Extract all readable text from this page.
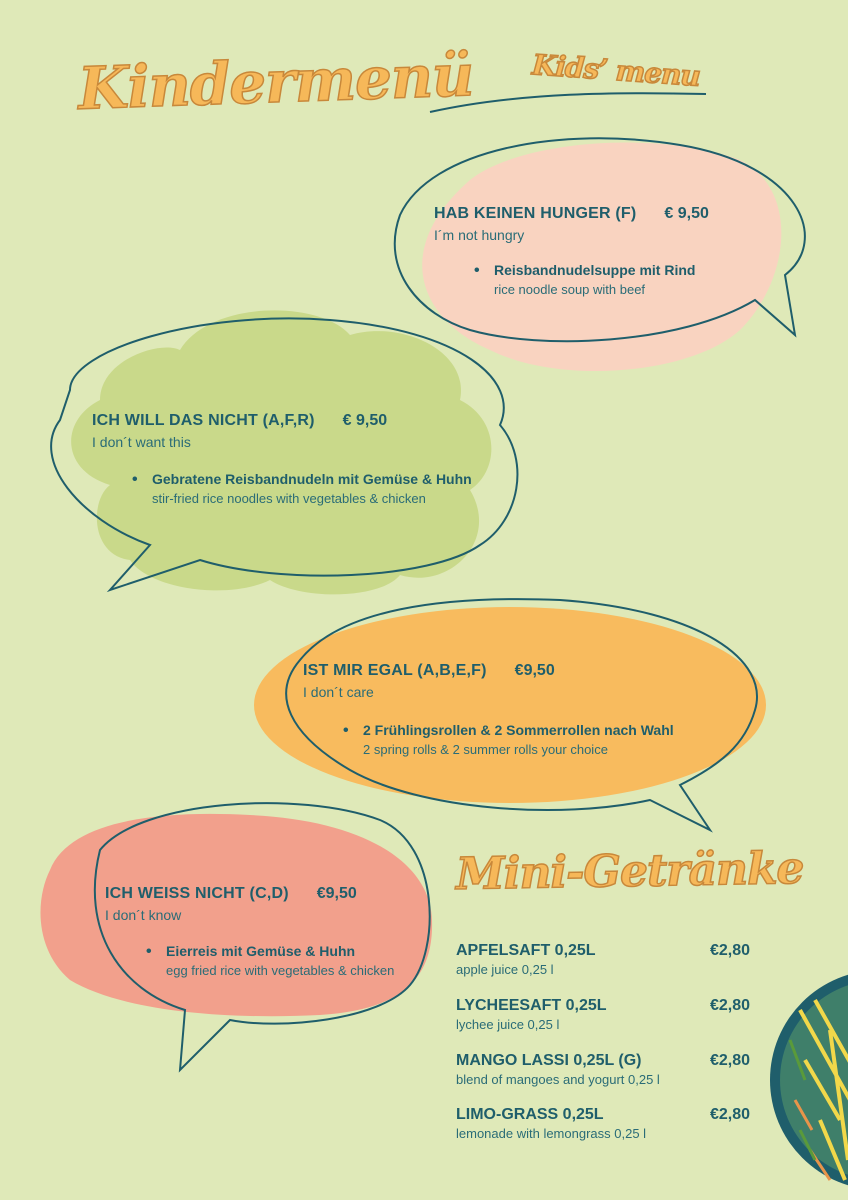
Kindermenü Kids’ menu
HAB KEINEN HUNGER (F) € 9,50
I´m not hungry
• Reisbandnudelsuppe mit Rind
rice noodle soup with beef
ICH WILL DAS NICHT (A,F,R) € 9,50
I don´t want this
• Gebratene Reisbandnudeln mit Gemüse & Huhn
stir-fried rice noodles with vegetables & chicken
IST MIR EGAL (A,B,E,F) €9,50
I don´t care
• 2 Frühlingsrollen & 2 Sommerrollen nach Wahl
2 spring rolls & 2 summer rolls your choice
ICH WEISS NICHT (C,D) €9,50
I don´t know
• Eierreis mit Gemüse & Huhn
egg fried rice with vegetables & chicken
Mini-Getränke
APFELSAFT 0,25L	€2,80
apple juice 0,25 l
LYCHEESAFT 0,25L	€2,80
lychee juice 0,25 l
MANGO LASSI 0,25L (G)	€2,80
blend of mangoes and yogurt 0,25 l
LIMO-GRASS 0,25L	€2,80
lemonade with lemongrass 0,25 l
